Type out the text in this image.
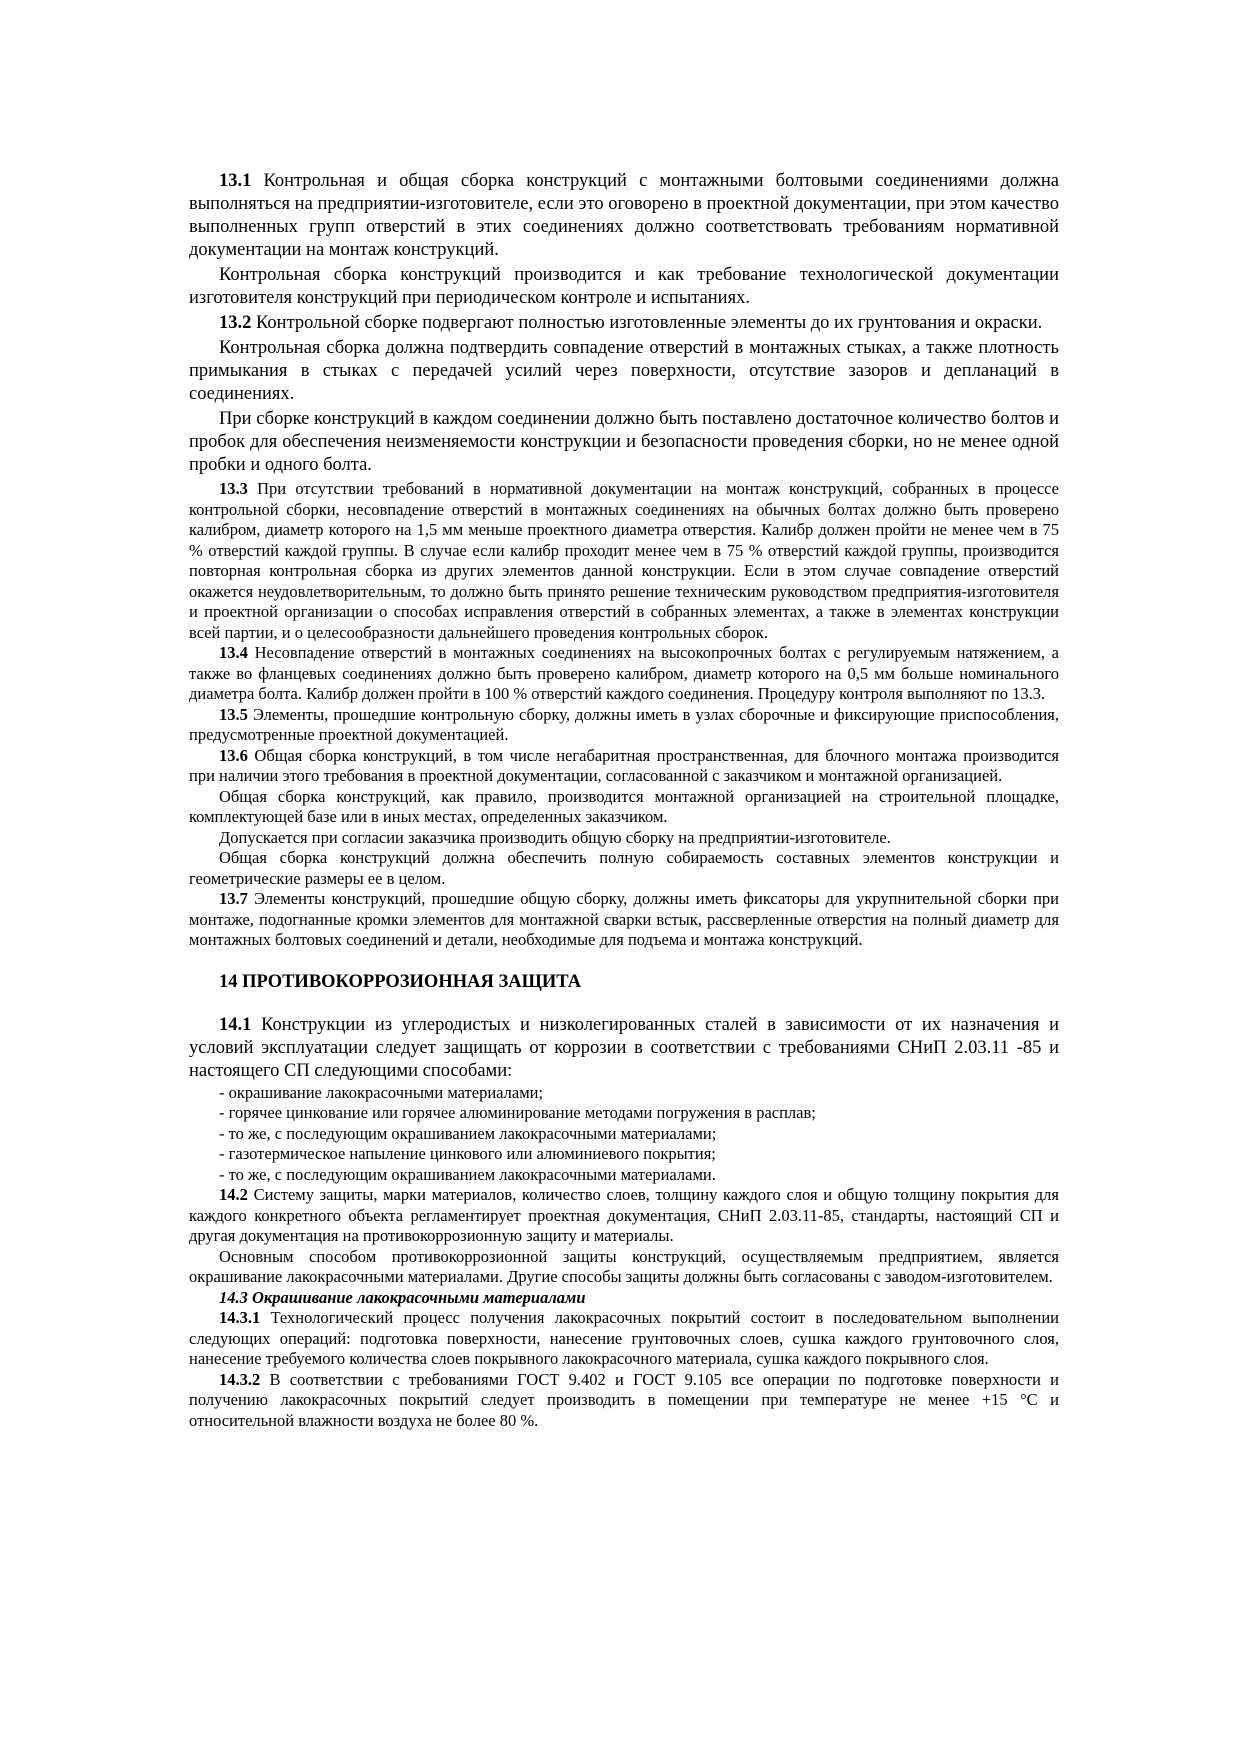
13.1 Контрольная и общая сборка конструкций с монтажными болтовыми соединениями должна выполняться на предприятии-изготовителе, если это оговорено в проектной документации, при этом качество выполненных групп отверстий в этих соединениях должно соответствовать требованиям нормативной документации на монтаж конструкций.

Контрольная сборка конструкций производится и как требование технологической документации изготовителя конструкций при периодическом контроле и испытаниях.

13.2 Контрольной сборке подвергают полностью изготовленные элементы до их грунтования и окраски.

Контрольная сборка должна подтвердить совпадение отверстий в монтажных стыках, а также плотность примыкания в стыках с передачей усилий через поверхности, отсутствие зазоров и депланаций в соединениях.

При сборке конструкций в каждом соединении должно быть поставлено достаточное количество болтов и пробок для обеспечения неизменяемости конструкции и безопасности проведения сборки, но не менее одной пробки и одного болта.

13.3 При отсутствии требований в нормативной документации на монтаж конструкций, собранных в процессе контрольной сборки, несовпадение отверстий в монтажных соединениях на обычных болтах должно быть проверено калибром, диаметр которого на 1,5 мм меньше проектного диаметра отверстия. Калибр должен пройти не менее чем в 75 % отверстий каждой группы. В случае если калибр проходит менее чем в 75 % отверстий каждой группы, производится повторная контрольная сборка из других элементов данной конструкции. Если в этом случае совпадение отверстий окажется неудовлетворительным, то должно быть принято решение техническим руководством предприятия-изготовителя и проектной организации о способах исправления отверстий в собранных элементах, а также в элементах конструкции всей партии, и о целесообразности дальнейшего проведения контрольных сборок.

13.4 Несовпадение отверстий в монтажных соединениях на высокопрочных болтах с регулируемым натяжением, а также во фланцевых соединениях должно быть проверено калибром, диаметр которого на 0,5 мм больше номинального диаметра болта. Калибр должен пройти в 100 % отверстий каждого соединения. Процедуру контроля выполняют по 13.3.

13.5 Элементы, прошедшие контрольную сборку, должны иметь в узлах сборочные и фиксирующие приспособления, предусмотренные проектной документацией.

13.6 Общая сборка конструкций, в том числе негабаритная пространственная, для блочного монтажа производится при наличии этого требования в проектной документации, согласованной с заказчиком и монтажной организацией.

Общая сборка конструкций, как правило, производится монтажной организацией на строительной площадке, комплектующей базе или в иных местах, определенных заказчиком.

Допускается при согласии заказчика производить общую сборку на предприятии-изготовителе.

Общая сборка конструкций должна обеспечить полную собираемость составных элементов конструкции и геометрические размеры ее в целом.

13.7 Элементы конструкций, прошедшие общую сборку, должны иметь фиксаторы для укрупнительной сборки при монтаже, подогнанные кромки элементов для монтажной сварки встык, рассверленные отверстия на полный диаметр для монтажных болтовых соединений и детали, необходимые для подъема и монтажа конструкций.

14 ПРОТИВОКОРРОЗИОННАЯ ЗАЩИТА

14.1 Конструкции из углеродистых и низколегированных сталей в зависимости от их назначения и условий эксплуатации следует защищать от коррозии в соответствии с требованиями СНиП 2.03.11 -85 и настоящего СП следующими способами:

- окрашивание лакокрасочными материалами;

- горячее цинкование или горячее алюминирование методами погружения в расплав;

- то же, с последующим окрашиванием лакокрасочными материалами;

- газотермическое напыление цинкового или алюминиевого покрытия;

- то же, с последующим окрашиванием лакокрасочными материалами.

14.2 Систему защиты, марки материалов, количество слоев, толщину каждого слоя и общую толщину покрытия для каждого конкретного объекта регламентирует проектная документация, СНиП 2.03.11-85, стандарты, настоящий СП и другая документация на противокоррозионную защиту и материалы.

Основным способом противокоррозионной защиты конструкций, осуществляемым предприятием, является окрашивание лакокрасочными материалами. Другие способы защиты должны быть согласованы с заводом-изготовителем.

14.3 Окрашивание лакокрасочными материалами

14.3.1 Технологический процесс получения лакокрасочных покрытий состоит в последовательном выполнении следующих операций: подготовка поверхности, нанесение грунтовочных слоев, сушка каждого грунтовочного слоя, нанесение требуемого количества слоев покрывного лакокрасочного материала, сушка каждого покрывного слоя.

14.3.2 В соответствии с требованиями ГОСТ 9.402 и ГОСТ 9.105 все операции по подготовке поверхности и получению лакокрасочных покрытий следует производить в помещении при температуре не менее +15 °С и относительной влажности воздуха не более 80 %.
